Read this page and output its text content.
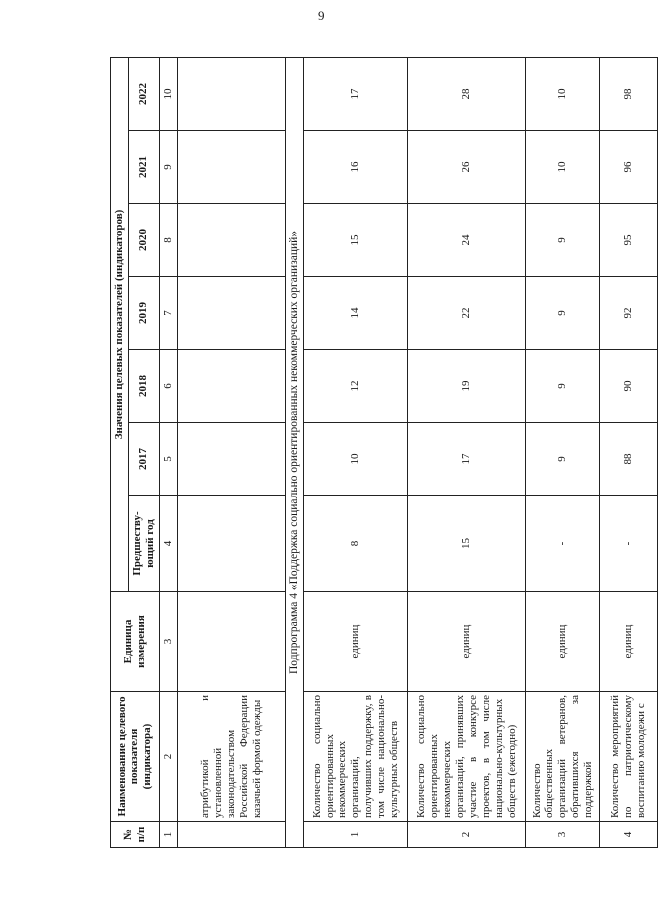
9
№ п/п	Наименование целевого показателя (индикатора)	Единица измерения	Значения целевых показателей (индикаторов)						
			Предшеству-ющий год	2017	2018	2019	2020	2021	2022
1	2	3	4	5	6	7	8	9	10
	атрибутикой и установленной законодательством Российской Федерации казачьей формой одежды								
Подпрограмма 4 «Поддержка социально ориентированных некоммерческих организаций»									
1	Количество социально ориентированных некоммерческих организаций, получивших поддержку, в том числе национально-культурных обществ	единиц	8	10	12	14	15	16	17
2	Количество социально ориентированных некоммерческих организаций, принявших участие в конкурсе проектов, в том числе национально-культурных обществ (ежегодно)	единиц	15	17	19	22	24	26	28
3	Количество общественных организаций ветеранов, обратившихся за поддержкой	единиц	-	9	9	9	9	10	10
4	Количество мероприятий по патриотическому воспитанию молодежи с	единиц	-	88	90	92	95	96	98
